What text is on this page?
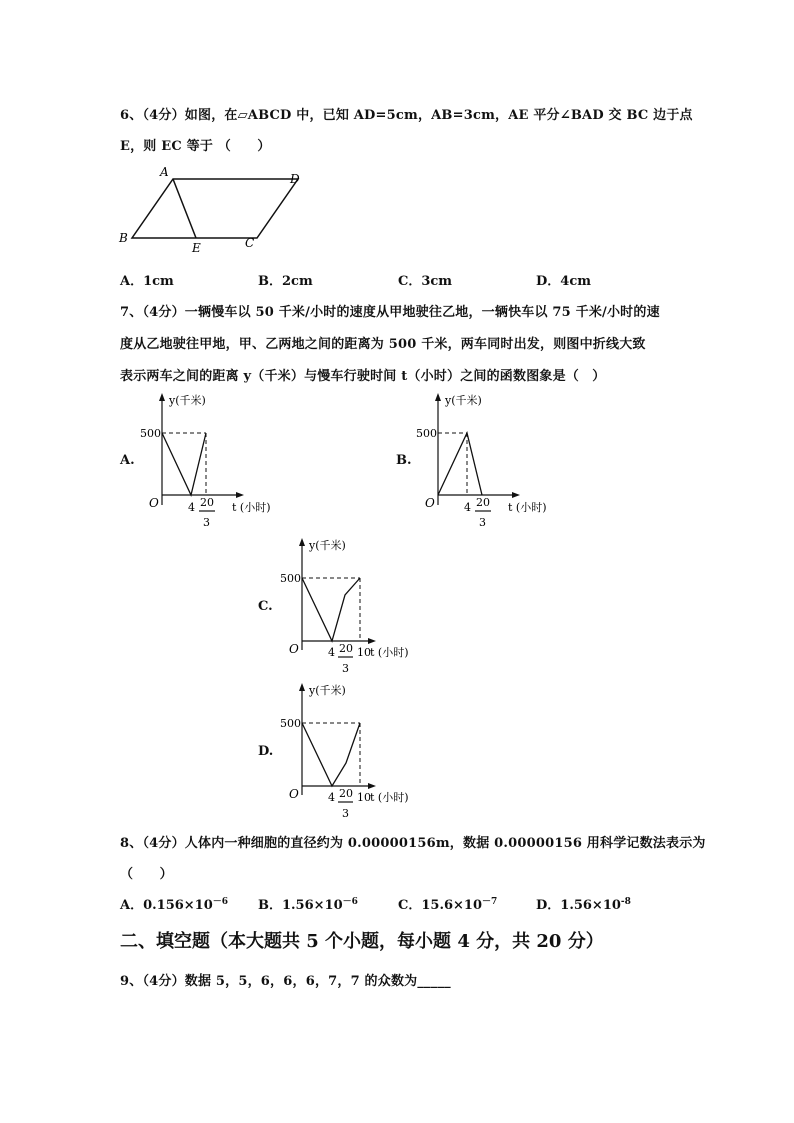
6、（4分）如图，在▱ABCD 中，已知 AD=5cm，AB=3cm，AE 平分∠BAD 交 BC 边于点
E，则 EC 等于 （　　）
A	D
B
E	C
A．1cm	B．2cm	C．3cm	D．4cm
7、（4分）一辆慢车以 50 千米/小时的速度从甲地驶往乙地，一辆快车以 75 千米/小时的速
度从乙地驶往甲地，甲、乙两地之间的距离为 500 千米，两车同时出发，则图中折线大致
表示两车之间的距离 y（千米）与慢车行驶时间 t（小时）之间的函数图象是（　）
A.
y(千米)
500
O	4 20
3
t (小时)
B.
y(千米)
500
O	4 20
3
t (小时)
C.
y(千米)
500
O	4 20
3
10 t (小时)
D.
y(千米)
500
O	4 20
3
10 t (小时)
8、（4分）人体内一种细胞的直径约为 0.00000156m，数据 0.00000156 用科学记数法表示为
（　　）
A．$0.156\times 10^{-6}$ B．$1.56\times 10^{-6}$	C．$15.6\times 10^{-7}$	D．$1.56\times 10^{-8}$
二、填空题（本大题共 5 个小题，每小题 4 分，共 20 分）
9、（4分）数据 5，5，6，6，6，7，7 的众数为_____
